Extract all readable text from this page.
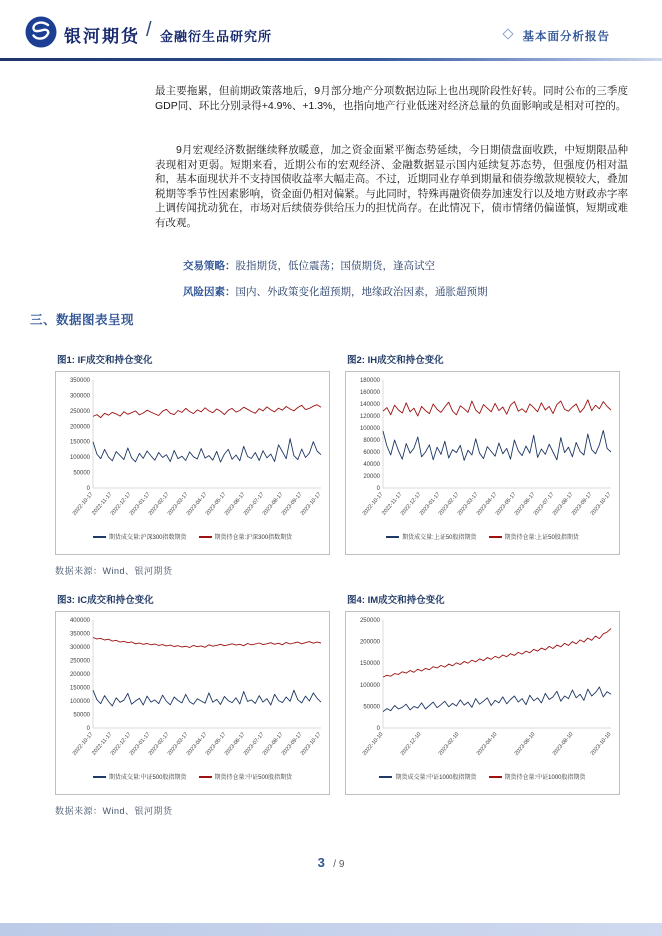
银河期货 / 金融衍生品研究所	基本面分析报告

最主要拖累，但前期政策落地后，9月部分地产分项数据边际上也出现阶段性好转。同时公布的三季度GDP同、环比分别录得+4.9%、+1.3%，也指向地产行业低迷对经济总量的负面影响或是相对可控的。

9月宏观经济数据继续释放暖意，加之资金面紧平衡态势延续，今日期债盘面收跌，中短期限品种表现相对更弱。短期来看，近期公布的宏观经济、金融数据显示国内延续复苏态势，但强度仍相对温和，基本面现状并不支持国债收益率大幅走高。不过，近期同业存单到期量和债券缴款规模较大，叠加税期等季节性因素影响，资金面仍相对偏紧。与此同时，特殊再融资债券加速发行以及地方财政赤字率上调传闻扰动犹在，市场对后续债券供给压力的担忧尚存。在此情况下，债市情绪仍偏谨慎，短期或难有改观。

交易策略：股指期货，低位震荡；国债期货，逢高试空

风险因素：国内、外政策变化超预期，地缘政治因素，通胀超预期

三、数据图表呈现
图1: IF成交和持仓变化
0
50000
100000
150000
200000
250000
300000
350000
2022-10-17
2022-11-17
2022-12-17
2023-01-17
2023-02-17
2023-03-17
2023-04-17
2023-05-17
2023-06-17
2023-07-17
2023-08-17
2023-09-17
2023-10-17
期货成交量:沪深300指数期货	期货持仓量:沪深300指数期货
图2: IH成交和持仓变化
0
20000
40000
60000
80000
100000
120000
140000
160000
180000
2022-10-17
2022-11-17
2022-12-17
2023-01-17
2023-02-17
2023-03-17
2023-04-17
2023-05-17
2023-06-17
2023-07-17
2023-08-17
2023-09-17
2023-10-17
期货成交量:上证50股指期货	期货持仓量:上证50股指期货
数据来源：Wind、银河期货
图3: IC成交和持仓变化
0
50000
100000
150000
200000
250000
300000
350000
400000
2022-10-17
2022-11-17
2022-12-17
2023-01-17
2023-02-17
2023-03-17
2023-04-17
2023-05-17
2023-06-17
2023-07-17
2023-08-17
2023-09-17
2023-10-17
期货成交量:中证500股指期货	期货持仓量:中证500股指期货
图4: IM成交和持仓变化
0
50000
100000
150000
200000
250000
2022-10-10	2022-12-10	2023-02-10	2023-04-10	2023-06-10	2023-08-10	2023-10-10
期货成交量:中证1000股指期货	期货持仓量:中证1000股指期货
数据来源：Wind、银河期货
3 / 9
